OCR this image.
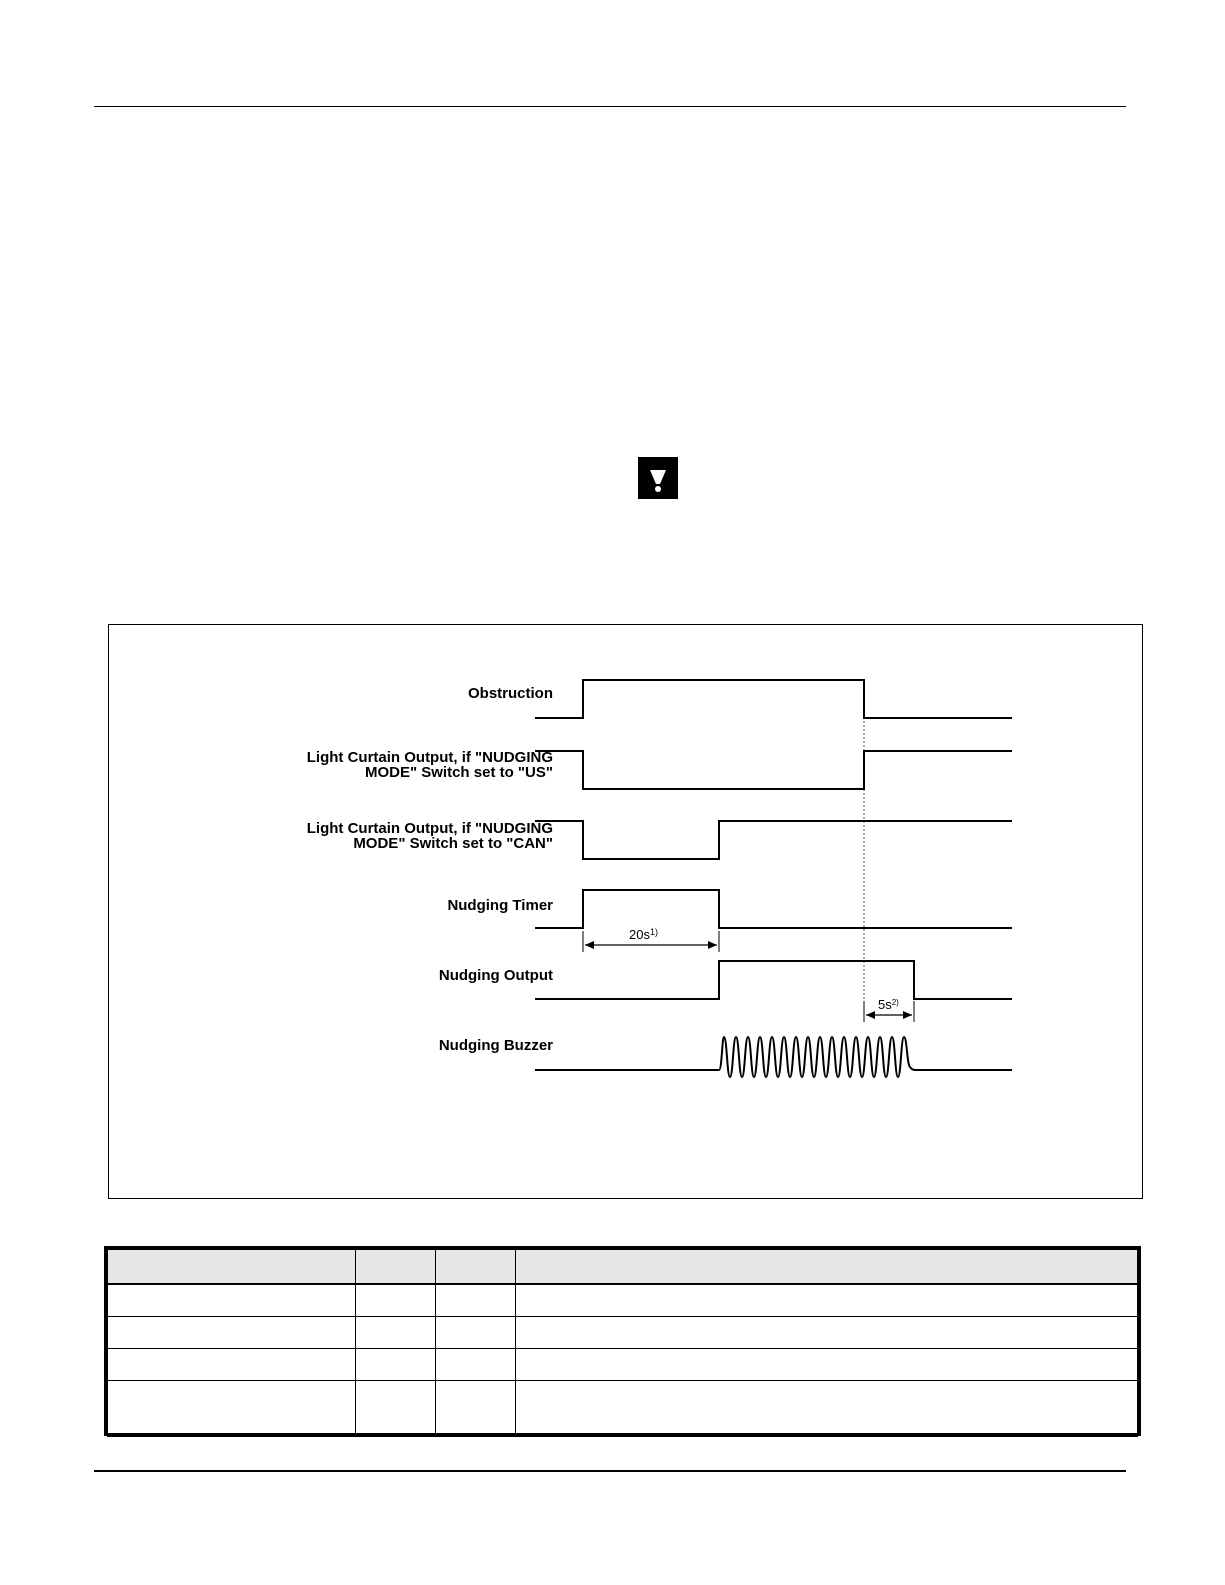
Obstruction
Light Curtain Output, if "NUDGING
MODE" Switch set to "US"
Light Curtain Output, if "NUDGING
MODE" Switch set to "CAN"
Nudging Timer
Nudging Output
Nudging Buzzer
$20s^{1)}$
$5s^{2)}$
